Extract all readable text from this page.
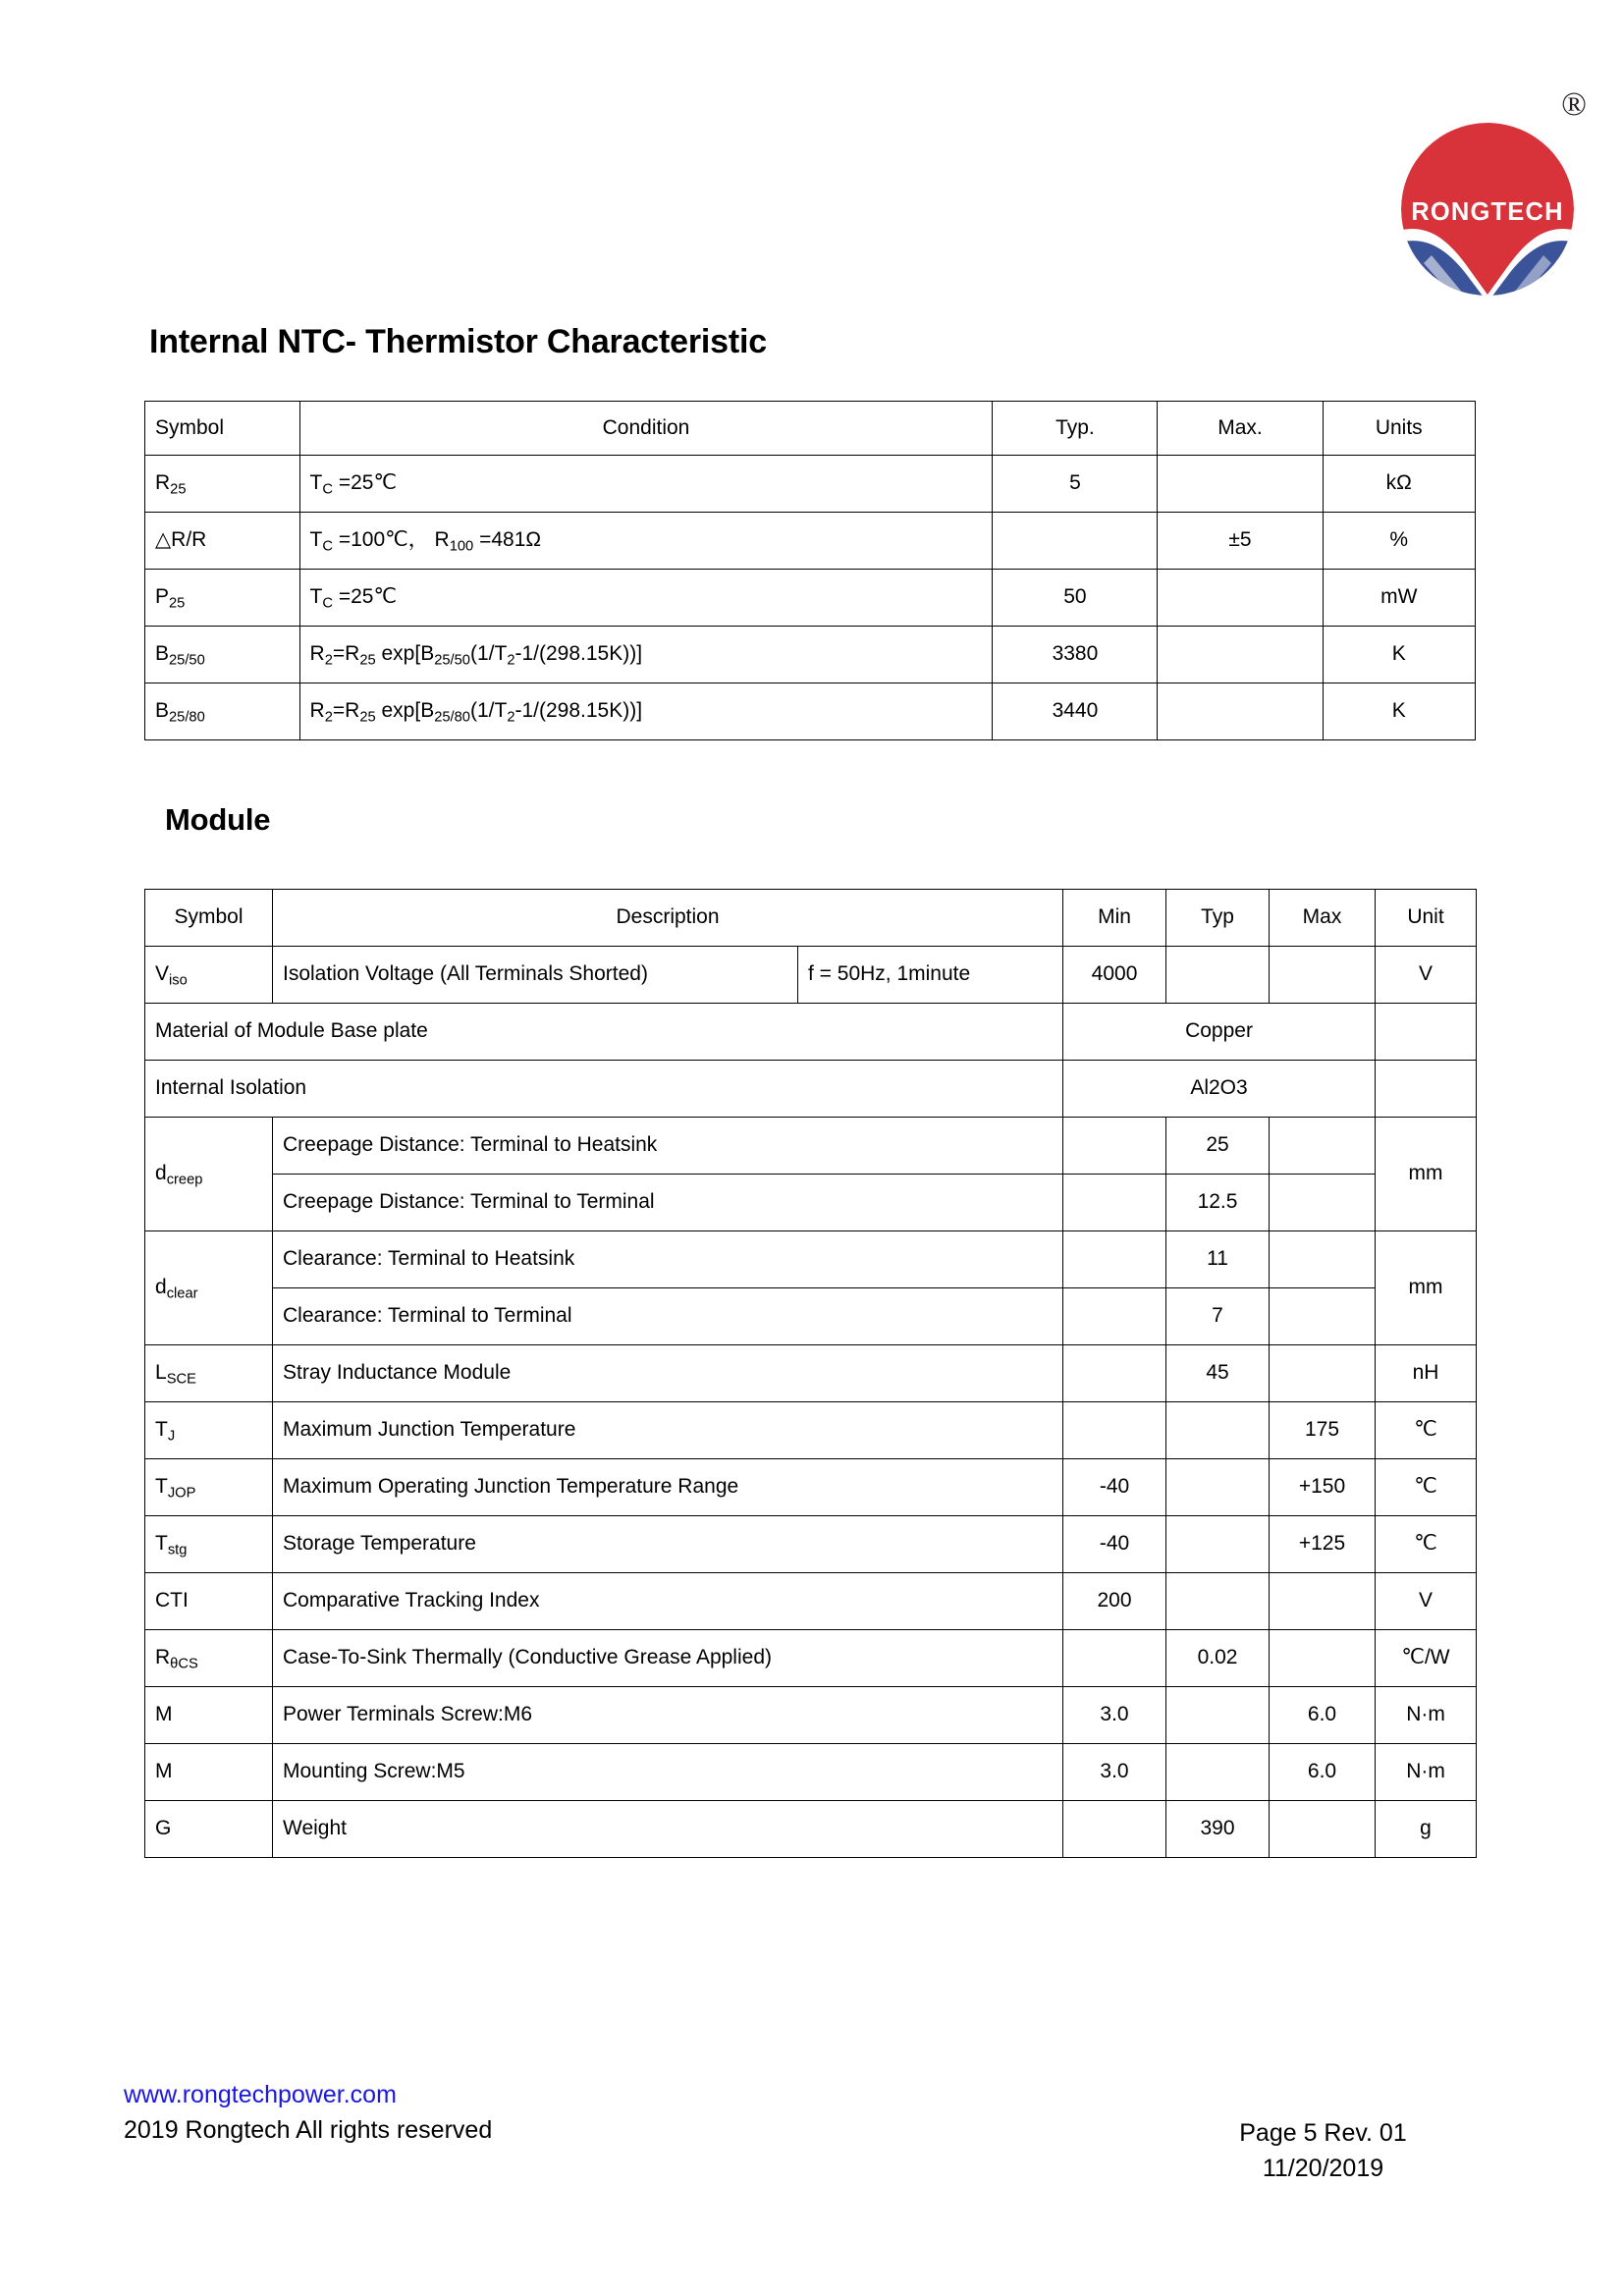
RONGTECH
®
Internal NTC- Thermistor Characteristic
Module
Symbol	Condition	Typ.	Max.	Units
$R_{25}$	$T_C$ =25℃	5		kΩ
△R/R	$T_C$ =100℃， $R_{100} =481\Omega$		±5	%
$P_{25}$	$T_C$ =25℃	50		mW
$B_{25/50}$	$R_2=R_{25}$ $\exp[B_{25/50}(1/T_2-1/(298.15K))]$	3380		K
$B_{25/80}$	$R_2=R_{25}$ $\exp[B_{25/80}(1/T_2-1/(298.15K))]$	3440		K
Symbol	Description		Min	Typ	Max	Unit
$V_{iso}$	Isolation Voltage (All Terminals Shorted)	f = 50Hz, 1minute	4000			V
Material of Module Base plate			Copper			
Internal Isolation			Al2O3			
$d_{creep}$	Creepage Distance: Terminal to Heatsink			25		mm
	Creepage Distance: Terminal to Terminal			12.5		
$d_{clear}$	Clearance: Terminal to Heatsink			11		mm
	Clearance: Terminal to Terminal			7		
$L_{SCE}$	Stray Inductance Module			45		nH
$T_J$	Maximum Junction Temperature				175	℃
$T_{JOP}$	Maximum Operating Junction Temperature Range		-40		+150	℃
$T_{stg}$	Storage Temperature		-40		+125	℃
CTI	Comparative Tracking Index		200			V
$R_{\theta CS}$	Case-To-Sink Thermally (Conductive Grease Applied)			0.02		℃/W
M	Power Terminals Screw:M6		3.0		6.0	N·m
M	Mounting Screw:M5		3.0		6.0	N·m
G	Weight			390		g
www.rongtechpower.com
2019 Rongtech All rights reserved	Page 5 Rev. 01
11/20/2019
